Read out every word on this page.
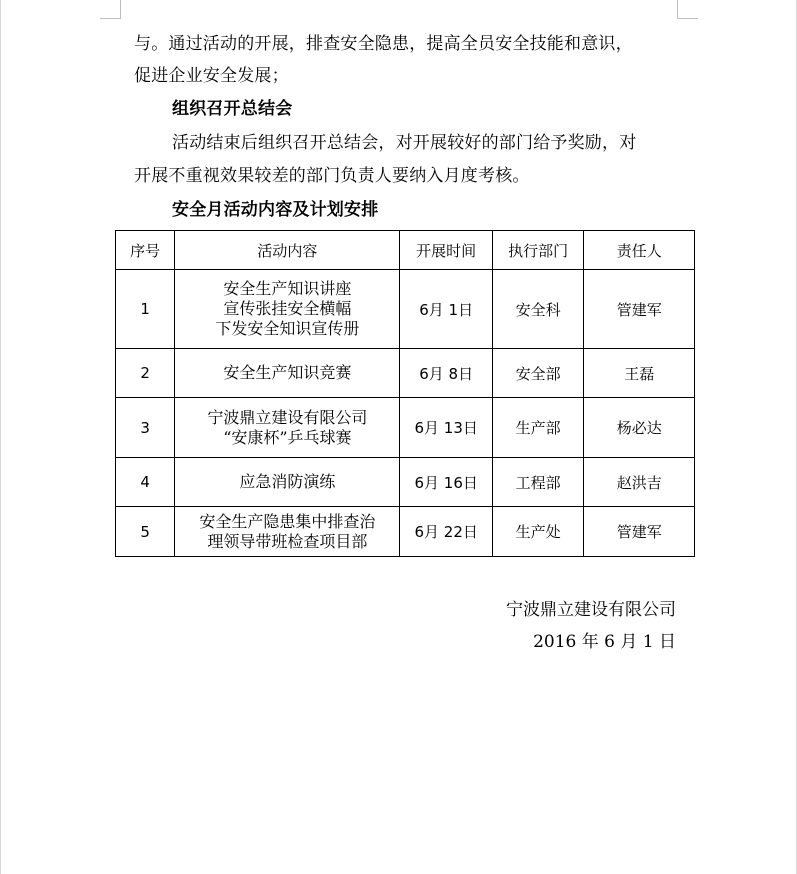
与。通过活动的开展，排查安全隐患，提高全员安全技能和意识，
促进企业安全发展；
组织召开总结会
活动结束后组织召开总结会，对开展较好的部门给予奖励，对
开展不重视效果较差的部门负责人要纳入月度考核。
安全月活动内容及计划安排
序号	活动内容	开展时间	执行部门	责任人
1	安全生产知识讲座
宣传张挂安全横幅
下发安全知识宣传册	6月 1日	安全科	管建军
2	安全生产知识竞赛	6月 8日	安全部	王磊
3	宁波鼎立建设有限公司
“安康杯”乒乓球赛	6月 13日	生产部	杨必达
4	应急消防演练	6月 16日	工程部	赵洪吉
5	安全生产隐患集中排查治
理领导带班检查项目部	6月 22日	生产处	管建军
宁波鼎立建设有限公司
2016 年 6 月 1 日
